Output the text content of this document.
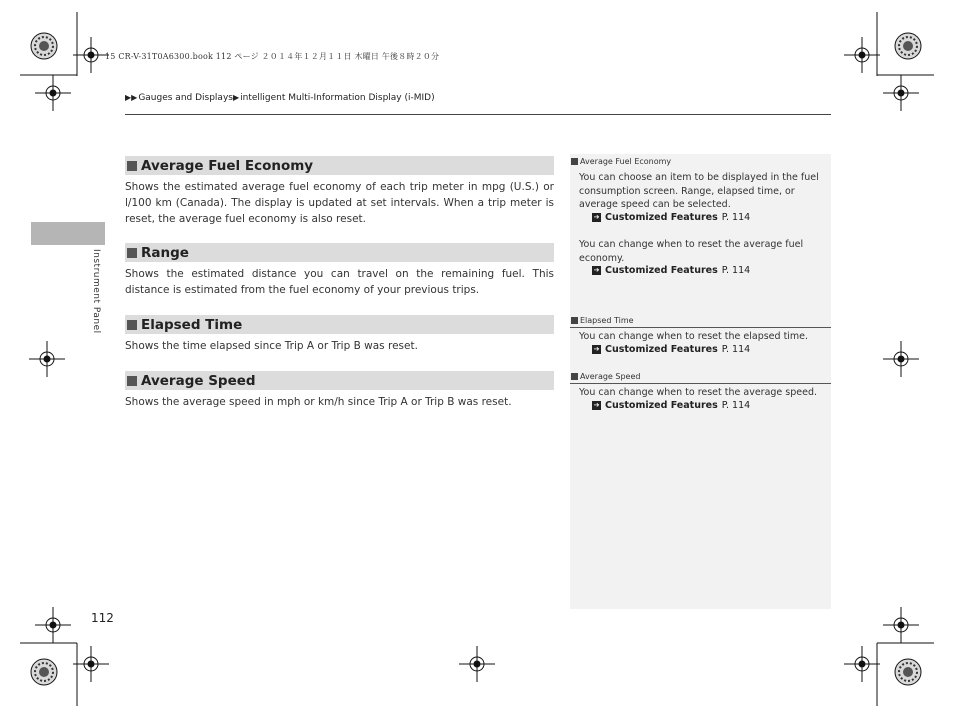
15 CR-V-31T0A6300.book 112 ページ ２０１４年１２月１１日 木曜日 午後８時２０分
▶▶Gauges and Displays▶intelligent Multi-Information Display (i-MID)
Instrument Panel
Average Fuel Economy
Shows the estimated average fuel economy of each trip meter in mpg (U.S.) or l/100 km (Canada). The display is updated at set intervals. When a trip meter is reset, the average fuel economy is also reset.
Range
Shows the estimated distance you can travel on the remaining fuel. This distance is estimated from the fuel economy of your previous trips.
Elapsed Time
Shows the time elapsed since Trip A or Trip B was reset.
Average Speed
Shows the average speed in mph or km/h since Trip A or Trip B was reset.
Average Fuel Economy
You can choose an item to be displayed in the fuel consumption screen. Range, elapsed time, or average speed can be selected.
➔ Customized Features P. 114
You can change when to reset the average fuel economy.
➔ Customized Features P. 114
Elapsed Time
You can change when to reset the elapsed time.
➔ Customized Features P. 114
Average Speed
You can change when to reset the average speed.
➔ Customized Features P. 114
112
